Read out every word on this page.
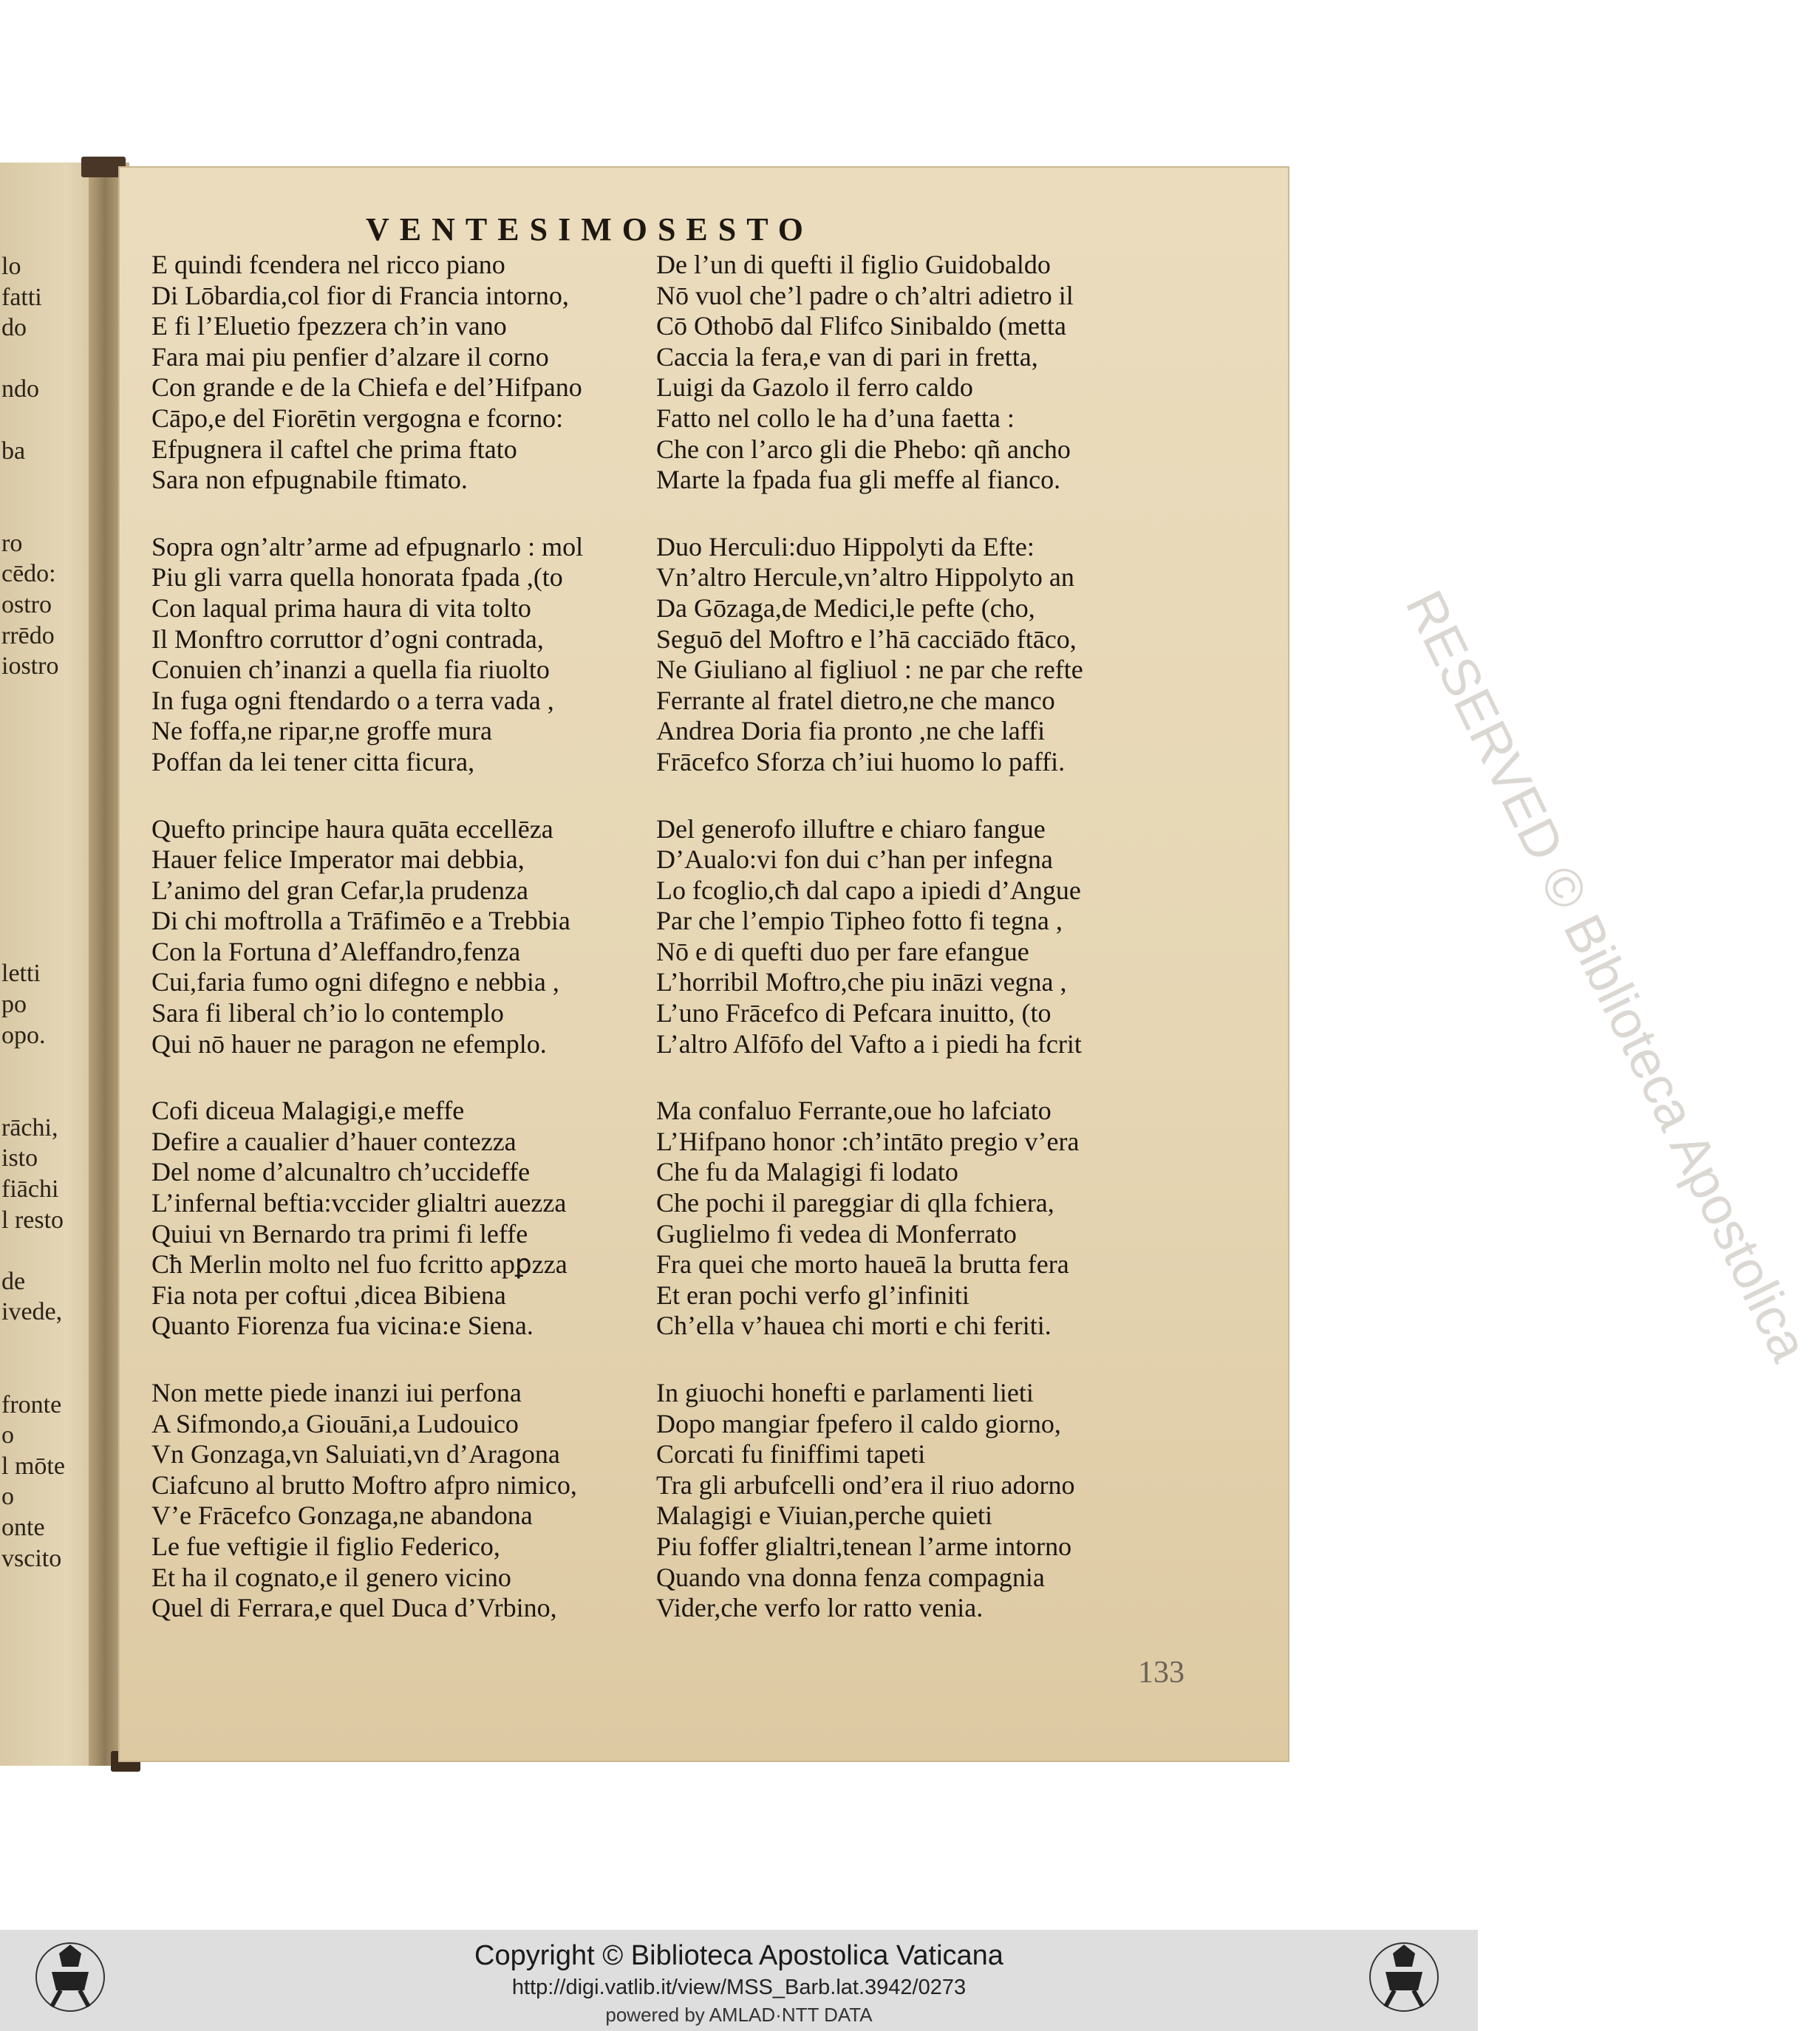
lo
fatti
do
ndo
ba
ro
cēdo:
ostro
rrēdo
iostro
letti
po
opo.
rāchi,
isto
fiāchi
l resto
de
ivede,
fronte
o
l mōte
o
onte
vscito
VENTESIMOSESTO
E quindi fcendera nel ricco piano
Di Lōbardia,col fior di Francia intorno,
E fi l’Eluetio fpezzera ch’in vano
Fara mai piu penfier d’alzare il corno
Con grande e de la Chiefa e del’Hifpano
Cāpo,e del Fiorētin vergogna e fcorno:
Efpugnera il caftel che prima ftato
Sara non efpugnabile ftimato.
Sopra ogn’altr’arme ad efpugnarlo : mol
Piu gli varra quella honorata fpada ,(to
Con laqual prima haura di vita tolto
Il Monftro corruttor d’ogni contrada,
Conuien ch’inanzi a quella fia riuolto
In fuga ogni ftendardo o a terra vada ,
Ne foffa,ne ripar,ne groffe mura
Poffan da lei tener citta ficura,
Quefto principe haura quāta eccellēza
Hauer felice Imperator mai debbia,
L’animo del gran Cefar,la prudenza
Di chi moftrolla a Trāfimēo e a Trebbia
Con la Fortuna d’Aleffandro,fenza
Cui,faria fumo ogni difegno e nebbia ,
Sara fi liberal ch’io lo contemplo
Qui nō hauer ne paragon ne efemplo.
Cofi diceua Malagigi,e meffe
Defire a caualier d’hauer contezza
Del nome d’alcunaltro ch’uccideffe
L’infernal beftia:vccider glialtri auezza
Quiui vn Bernardo tra primi fi leffe
Cħ Merlin molto nel fuo fcritto apꝑzza
Fia nota per coftui ,dicea Bibiena
Quanto Fiorenza fua vicina:e Siena.
Non mette piede inanzi iui perfona
A Sifmondo,a Giouāni,a Ludouico
Vn Gonzaga,vn Saluiati,vn d’Aragona
Ciafcuno al brutto Moftro afpro nimico,
V’e Frācefco Gonzaga,ne abandona
Le fue veftigie il figlio Federico,
Et ha il cognato,e il genero vicino
Quel di Ferrara,e quel Duca d’Vrbino,
De l’un di quefti il figlio Guidobaldo
Nō vuol che’l padre o ch’altri adietro il
Cō Othobō dal Flifco Sinibaldo (metta
Caccia la fera,e van di pari in fretta,
Luigi da Gazolo il ferro caldo
Fatto nel collo le ha d’una faetta :
Che con l’arco gli die Phebo: qñ ancho
Marte la fpada fua gli meffe al fianco.
Duo Herculi:duo Hippolyti da Efte:
Vn’altro Hercule,vn’altro Hippolyto an
Da Gōzaga,de Medici,le pefte (cho,
Seguō del Moftro e l’hā cacciādo ftāco,
Ne Giuliano al figliuol : ne par che refte
Ferrante al fratel dietro,ne che manco
Andrea Doria fia pronto ,ne che laffi
Frācefco Sforza ch’iui huomo lo paffi.
Del generofo illuftre e chiaro fangue
D’Aualo:vi fon dui c’han per infegna
Lo fcoglio,cħ dal capo a ipiedi d’Angue
Par che l’empio Tipheo fotto fi tegna ,
Nō e di quefti duo per fare efangue
L’horribil Moftro,che piu ināzi vegna ,
L’uno Frācefco di Pefcara inuitto, (to
L’altro Alfōfo del Vafto a i piedi ha fcrit
Ma confaluo Ferrante,oue ho lafciato
L’Hifpano honor :ch’intāto pregio v’era
Che fu da Malagigi fi lodato
Che pochi il pareggiar di qlla fchiera,
Guglielmo fi vedea di Monferrato
Fra quei che morto haueā la brutta fera
Et eran pochi verfo gl’infiniti
Ch’ella v’hauea chi morti e chi feriti.
In giuochi honefti e parlamenti lieti
Dopo mangiar fpefero il caldo giorno,
Corcati fu finiffimi tapeti
Tra gli arbufcelli ond’era il riuo adorno
Malagigi e Viuian,perche quieti
Piu foffer glialtri,tenean l’arme intorno
Quando vna donna fenza compagnia
Vider,che verfo lor ratto venia.
133
RESERVED © Biblioteca Apostolica
Copyright © Biblioteca Apostolica Vaticana
http://digi.vatlib.it/view/MSS_Barb.lat.3942/0273
powered by AMLAD·NTT DATA
